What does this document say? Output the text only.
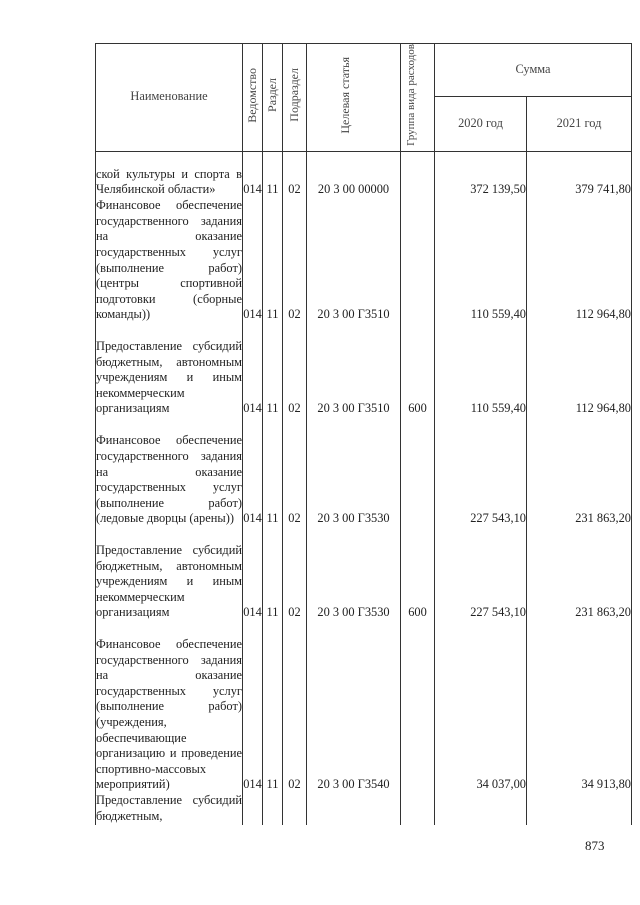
Наименование	Ведомство	Раздел	Подраздел	Целевая статья	Группа вида расходов	Сумма	
						2020 год	2021 год
ской культуры и спорта в Челябинской области»	014	11	02	20 3 00 00000		372 139,50	379 741,80
Финансовое обеспечение государственного задания на оказание государственных услуг (выполнение работ) (центры спортивной подготовки (сборные команды))	014	11	02	20 3 00 Г3510		110 559,40	112 964,80
Предоставление субсидий бюджетным, автономным учреждениям и иным некоммерческим организациям	014	11	02	20 3 00 Г3510	600	110 559,40	112 964,80
Финансовое обеспечение государственного задания на оказание государственных услуг (выполнение работ) (ледовые дворцы (арены))	014	11	02	20 3 00 Г3530		227 543,10	231 863,20
Предоставление субсидий бюджетным, автономным учреждениям и иным некоммерческим организациям	014	11	02	20 3 00 Г3530	600	227 543,10	231 863,20
Финансовое обеспечение государственного задания на оказание государственных услуг (выполнение работ) (учреждения, обеспечивающие организацию и проведение спортивно-массовых мероприятий)	014	11	02	20 3 00 Г3540		34 037,00	34 913,80
Предоставление субсидий бюджетным,							
873
